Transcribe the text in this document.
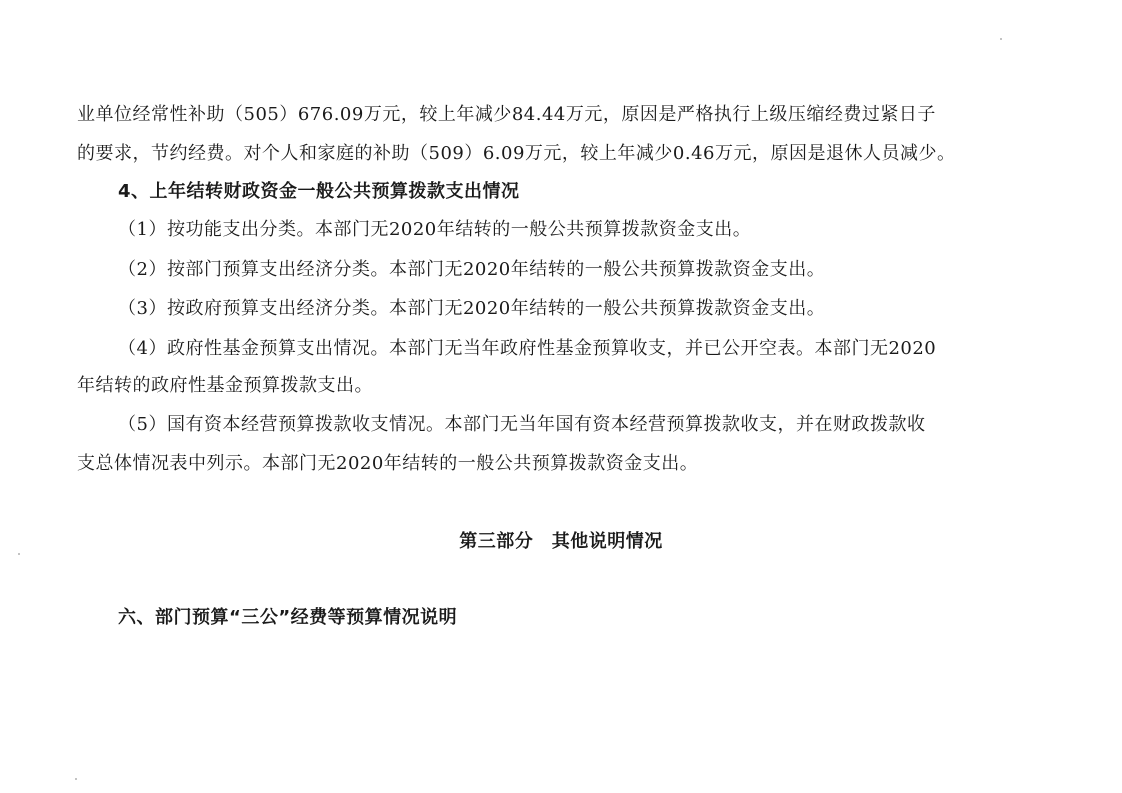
业单位经常性补助（505）676.09万元，较上年减少84.44万元，原因是严格执行上级压缩经费过紧日子
的要求，节约经费。对个人和家庭的补助（509）6.09万元，较上年减少0.46万元，原因是退休人员减少。
4、上年结转财政资金一般公共预算拨款支出情况
（1）按功能支出分类。本部门无2020年结转的一般公共预算拨款资金支出。
（2）按部门预算支出经济分类。本部门无2020年结转的一般公共预算拨款资金支出。
（3）按政府预算支出经济分类。本部门无2020年结转的一般公共预算拨款资金支出。
（4）政府性基金预算支出情况。本部门无当年政府性基金预算收支，并已公开空表。本部门无2020
年结转的政府性基金预算拨款支出。
（5）国有资本经营预算拨款收支情况。本部门无当年国有资本经营预算拨款收支，并在财政拨款收
支总体情况表中列示。本部门无2020年结转的一般公共预算拨款资金支出。
第三部分　其他说明情况
六、部门预算“三公”经费等预算情况说明
